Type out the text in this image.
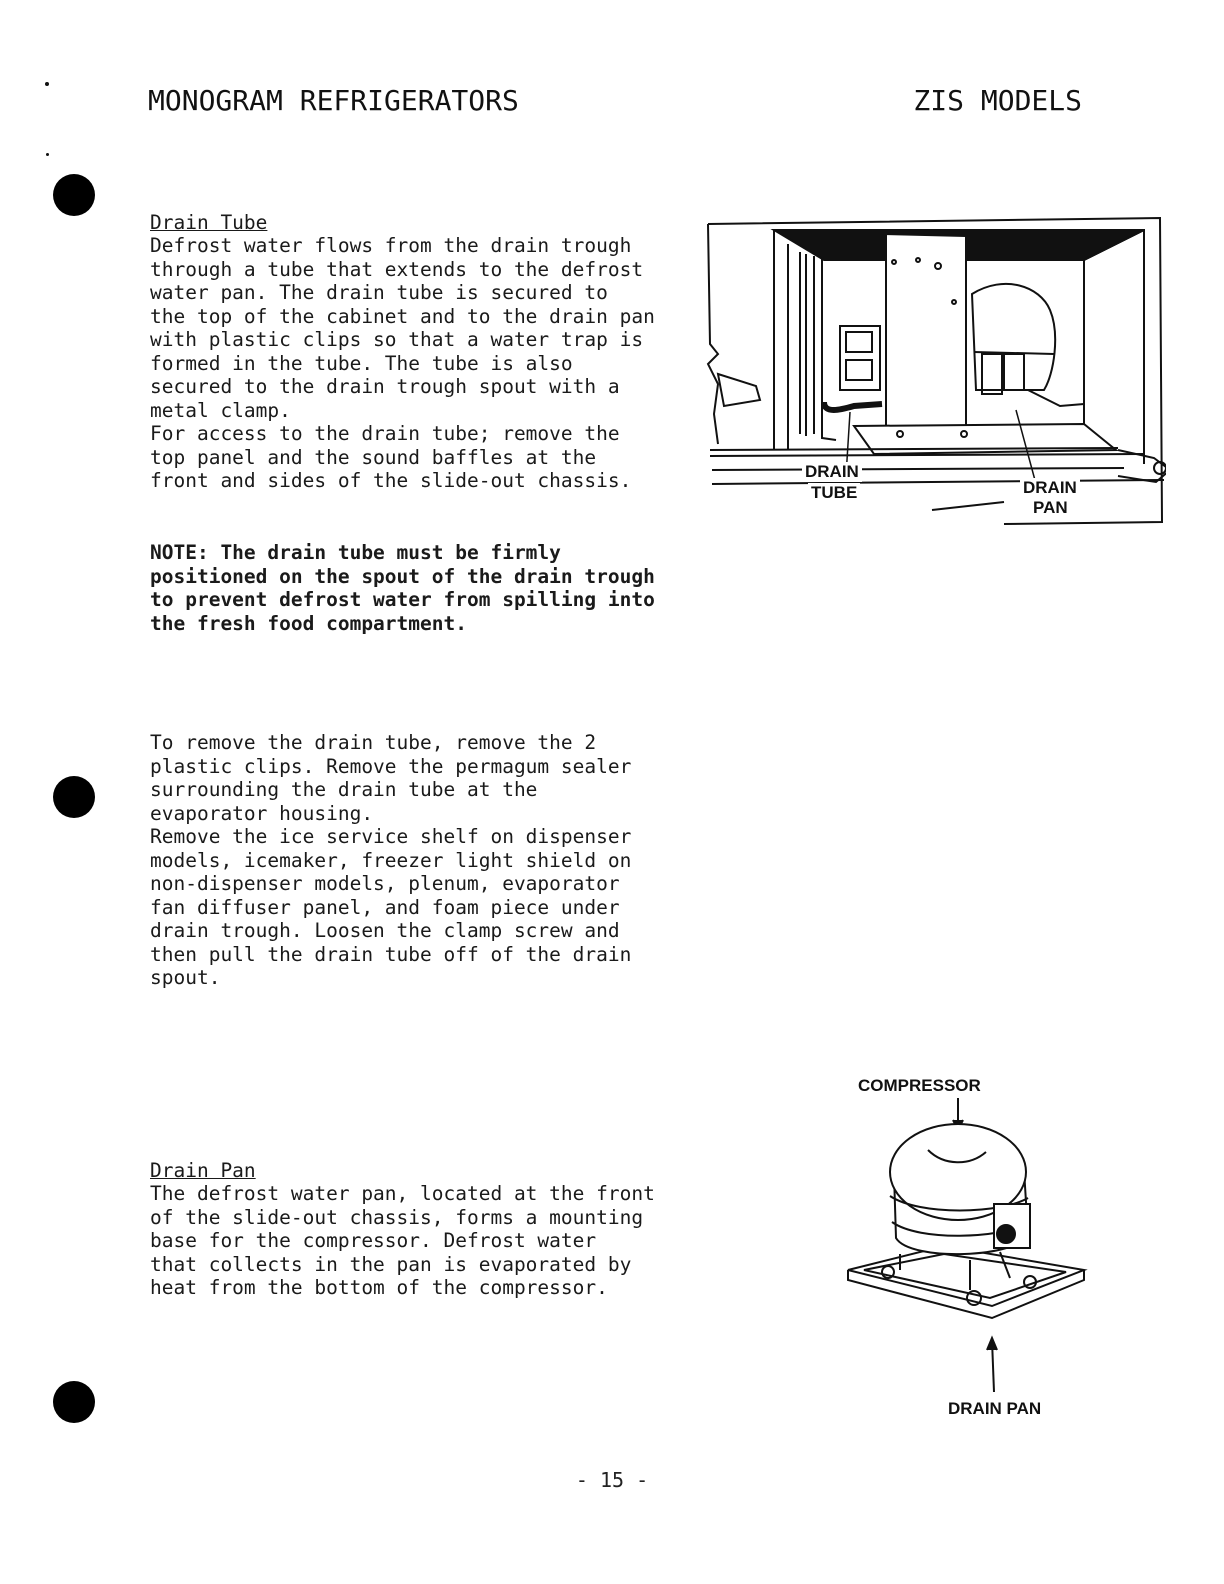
MONOGRAM REFRIGERATORS	ZIS MODELS

Drain Tube
Defrost water flows from the drain trough
through a tube that extends to the defrost
water pan. The drain tube is secured to
the top of the cabinet and to the drain pan
with plastic clips so that a water trap is
formed in the tube. The tube is also
secured to the drain trough spout with a
metal clamp.
For access to the drain tube; remove the
top panel and the sound baffles at the
front and sides of the slide-out chassis.

NOTE: The drain tube must be firmly
positioned on the spout of the drain trough
to prevent defrost water from spilling into
the fresh food compartment.
To remove the drain tube, remove the 2
plastic clips. Remove the permagum sealer
surrounding the drain tube at the
evaporator housing.
Remove the ice service shelf on dispenser
models, icemaker, freezer light shield on
non-dispenser models, plenum, evaporator
fan diffuser panel, and foam piece under
drain trough. Loosen the clamp screw and
then pull the drain tube off of the drain
spout.

Drain Pan
The defrost water pan, located at the front
of the slide-out chassis, forms a mounting
base for the compressor. Defrost water
that collects in the pan is evaporated by
heat from the bottom of the compressor.

DRAIN
TUBE	DRAIN
PAN
COMPRESSOR
DRAIN PAN
- 15 -
